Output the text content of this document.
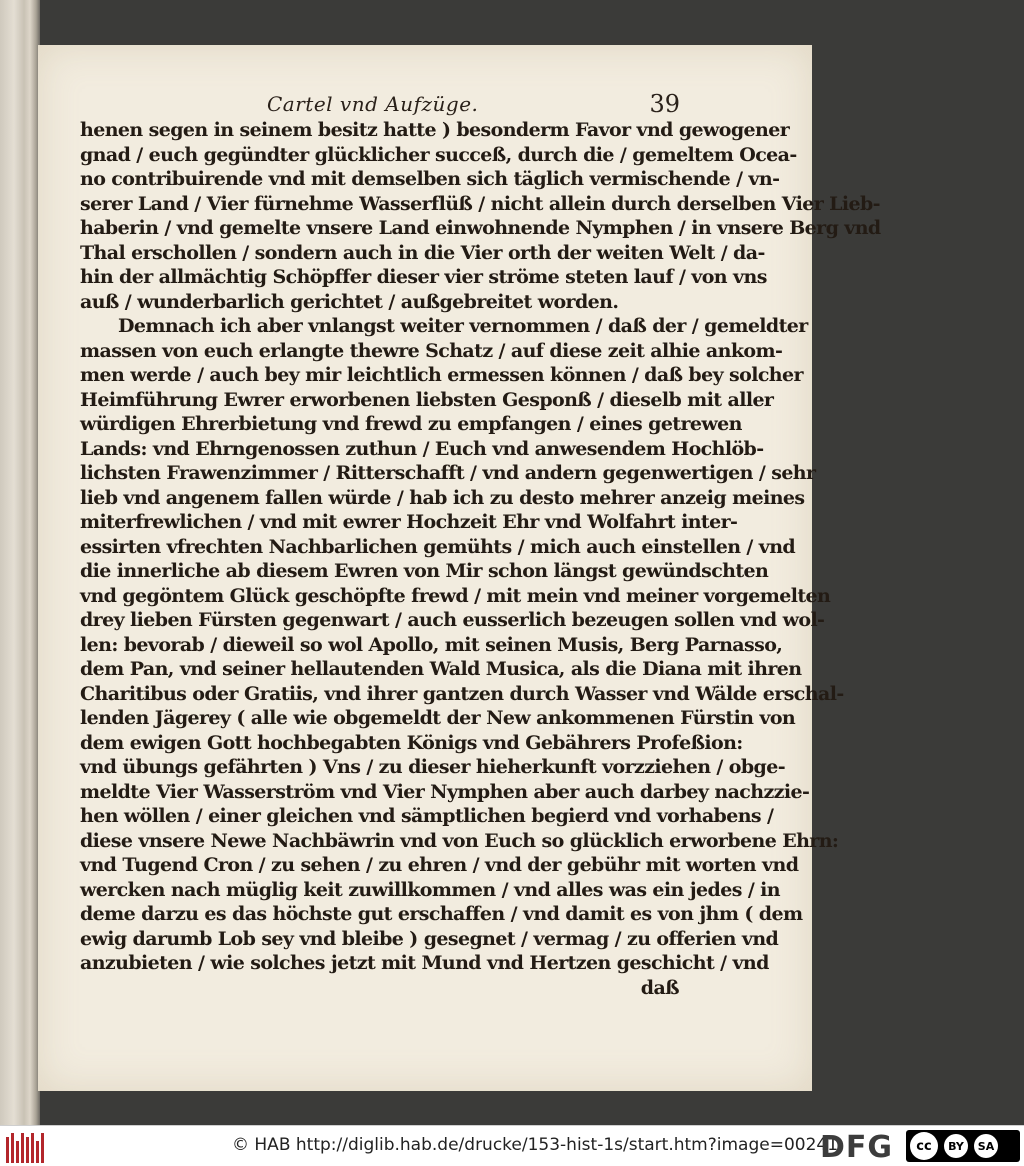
Cartel vnd Aufzüge.	39
henen segen in seinem besitz hatte ) besonderm Favor vnd gewogener
gnad / euch gegündter glücklicher succeß, durch die / gemeltem Ocea-
no contribuirende vnd mit demselben sich täglich vermischende / vn-
serer Land / Vier fürnehme Wasserflüß / nicht allein durch derselben Vier Lieb-
haberin / vnd gemelte vnsere Land einwohnende Nymphen / in vnsere Berg vnd
Thal erschollen / sondern auch in die Vier orth der weiten Welt / da-
hin der allmächtig Schöpffer dieser vier ströme steten lauf / von vns
auß / wunderbarlich gerichtet / außgebreitet worden.
Demnach ich aber vnlangst weiter vernommen / daß der / gemeldter
massen von euch erlangte thewre Schatz / auf diese zeit alhie ankom-
men werde / auch bey mir leichtlich ermessen können / daß bey solcher
Heimführung Ewrer erworbenen liebsten Gesponß / dieselb mit aller
würdigen Ehrerbietung vnd frewd zu empfangen / eines getrewen
Lands: vnd Ehrngenossen zuthun / Euch vnd anwesendem Hochlöb-
lichsten Frawenzimmer / Ritterschafft / vnd andern gegenwertigen / sehr
lieb vnd angenem fallen würde / hab ich zu desto mehrer anzeig meines
miterfrewlichen / vnd mit ewrer Hochzeit Ehr vnd Wolfahrt inter-
essirten vfrechten Nachbarlichen gemühts / mich auch einstellen / vnd
die innerliche ab diesem Ewren von Mir schon längst gewündschten
vnd gegöntem Glück geschöpfte frewd / mit mein vnd meiner vorgemelten
drey lieben Fürsten gegenwart / auch eusserlich bezeugen sollen vnd wol-
len: bevorab / dieweil so wol Apollo, mit seinen Musis, Berg Parnasso,
dem Pan, vnd seiner hellautenden Wald Musica, als die Diana mit ihren
Charitibus oder Gratiis, vnd ihrer gantzen durch Wasser vnd Wälde erschal-
lenden Jägerey ( alle wie obgemeldt der New ankommenen Fürstin von
dem ewigen Gott hochbegabten Königs vnd Gebährers Profeßion:
vnd übungs gefährten ) Vns / zu dieser hieherkunft vorzziehen / obge-
meldte Vier Wasserström vnd Vier Nymphen aber auch darbey nachzzie-
hen wöllen / einer gleichen vnd sämptlichen begierd vnd vorhabens /
diese vnsere Newe Nachbäwrin vnd von Euch so glücklich erworbene Ehrn:
vnd Tugend Cron / zu sehen / zu ehren / vnd der gebühr mit worten vnd
wercken nach müglig keit zuwillkommen / vnd alles was ein jedes / in
deme darzu es das höchste gut erschaffen / vnd damit es von jhm ( dem
ewig darumb Lob sey vnd bleibe ) gesegnet / vermag / zu offerien vnd
anzubieten / wie solches jetzt mit Mund vnd Hertzen geschicht / vnd
daß
© HAB http://diglib.hab.de/drucke/153-hist-1s/start.htm?image=00241
DFG	cc	BY	SA
